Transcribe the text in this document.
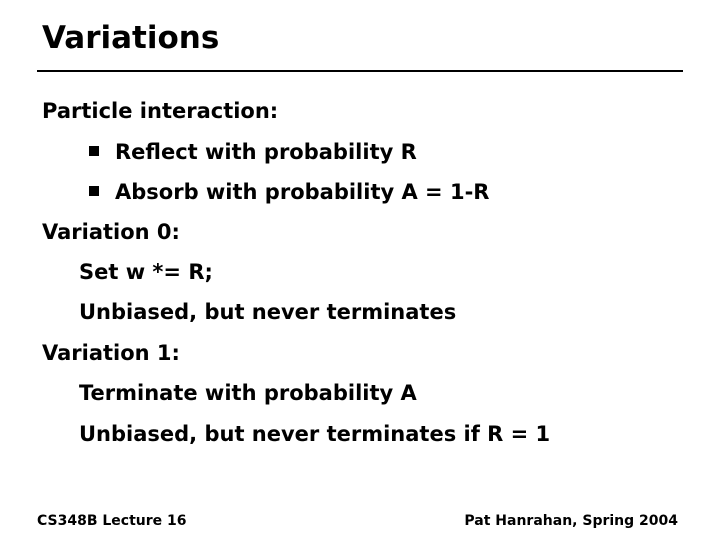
Variations
Particle interaction:
Reflect with probability R
Absorb with probability A = 1-R
Variation 0:
Set w *= R;
Unbiased, but never terminates
Variation 1:
Terminate with probability A
Unbiased, but never terminates if R = 1
CS348B Lecture 16	Pat Hanrahan, Spring 2004
